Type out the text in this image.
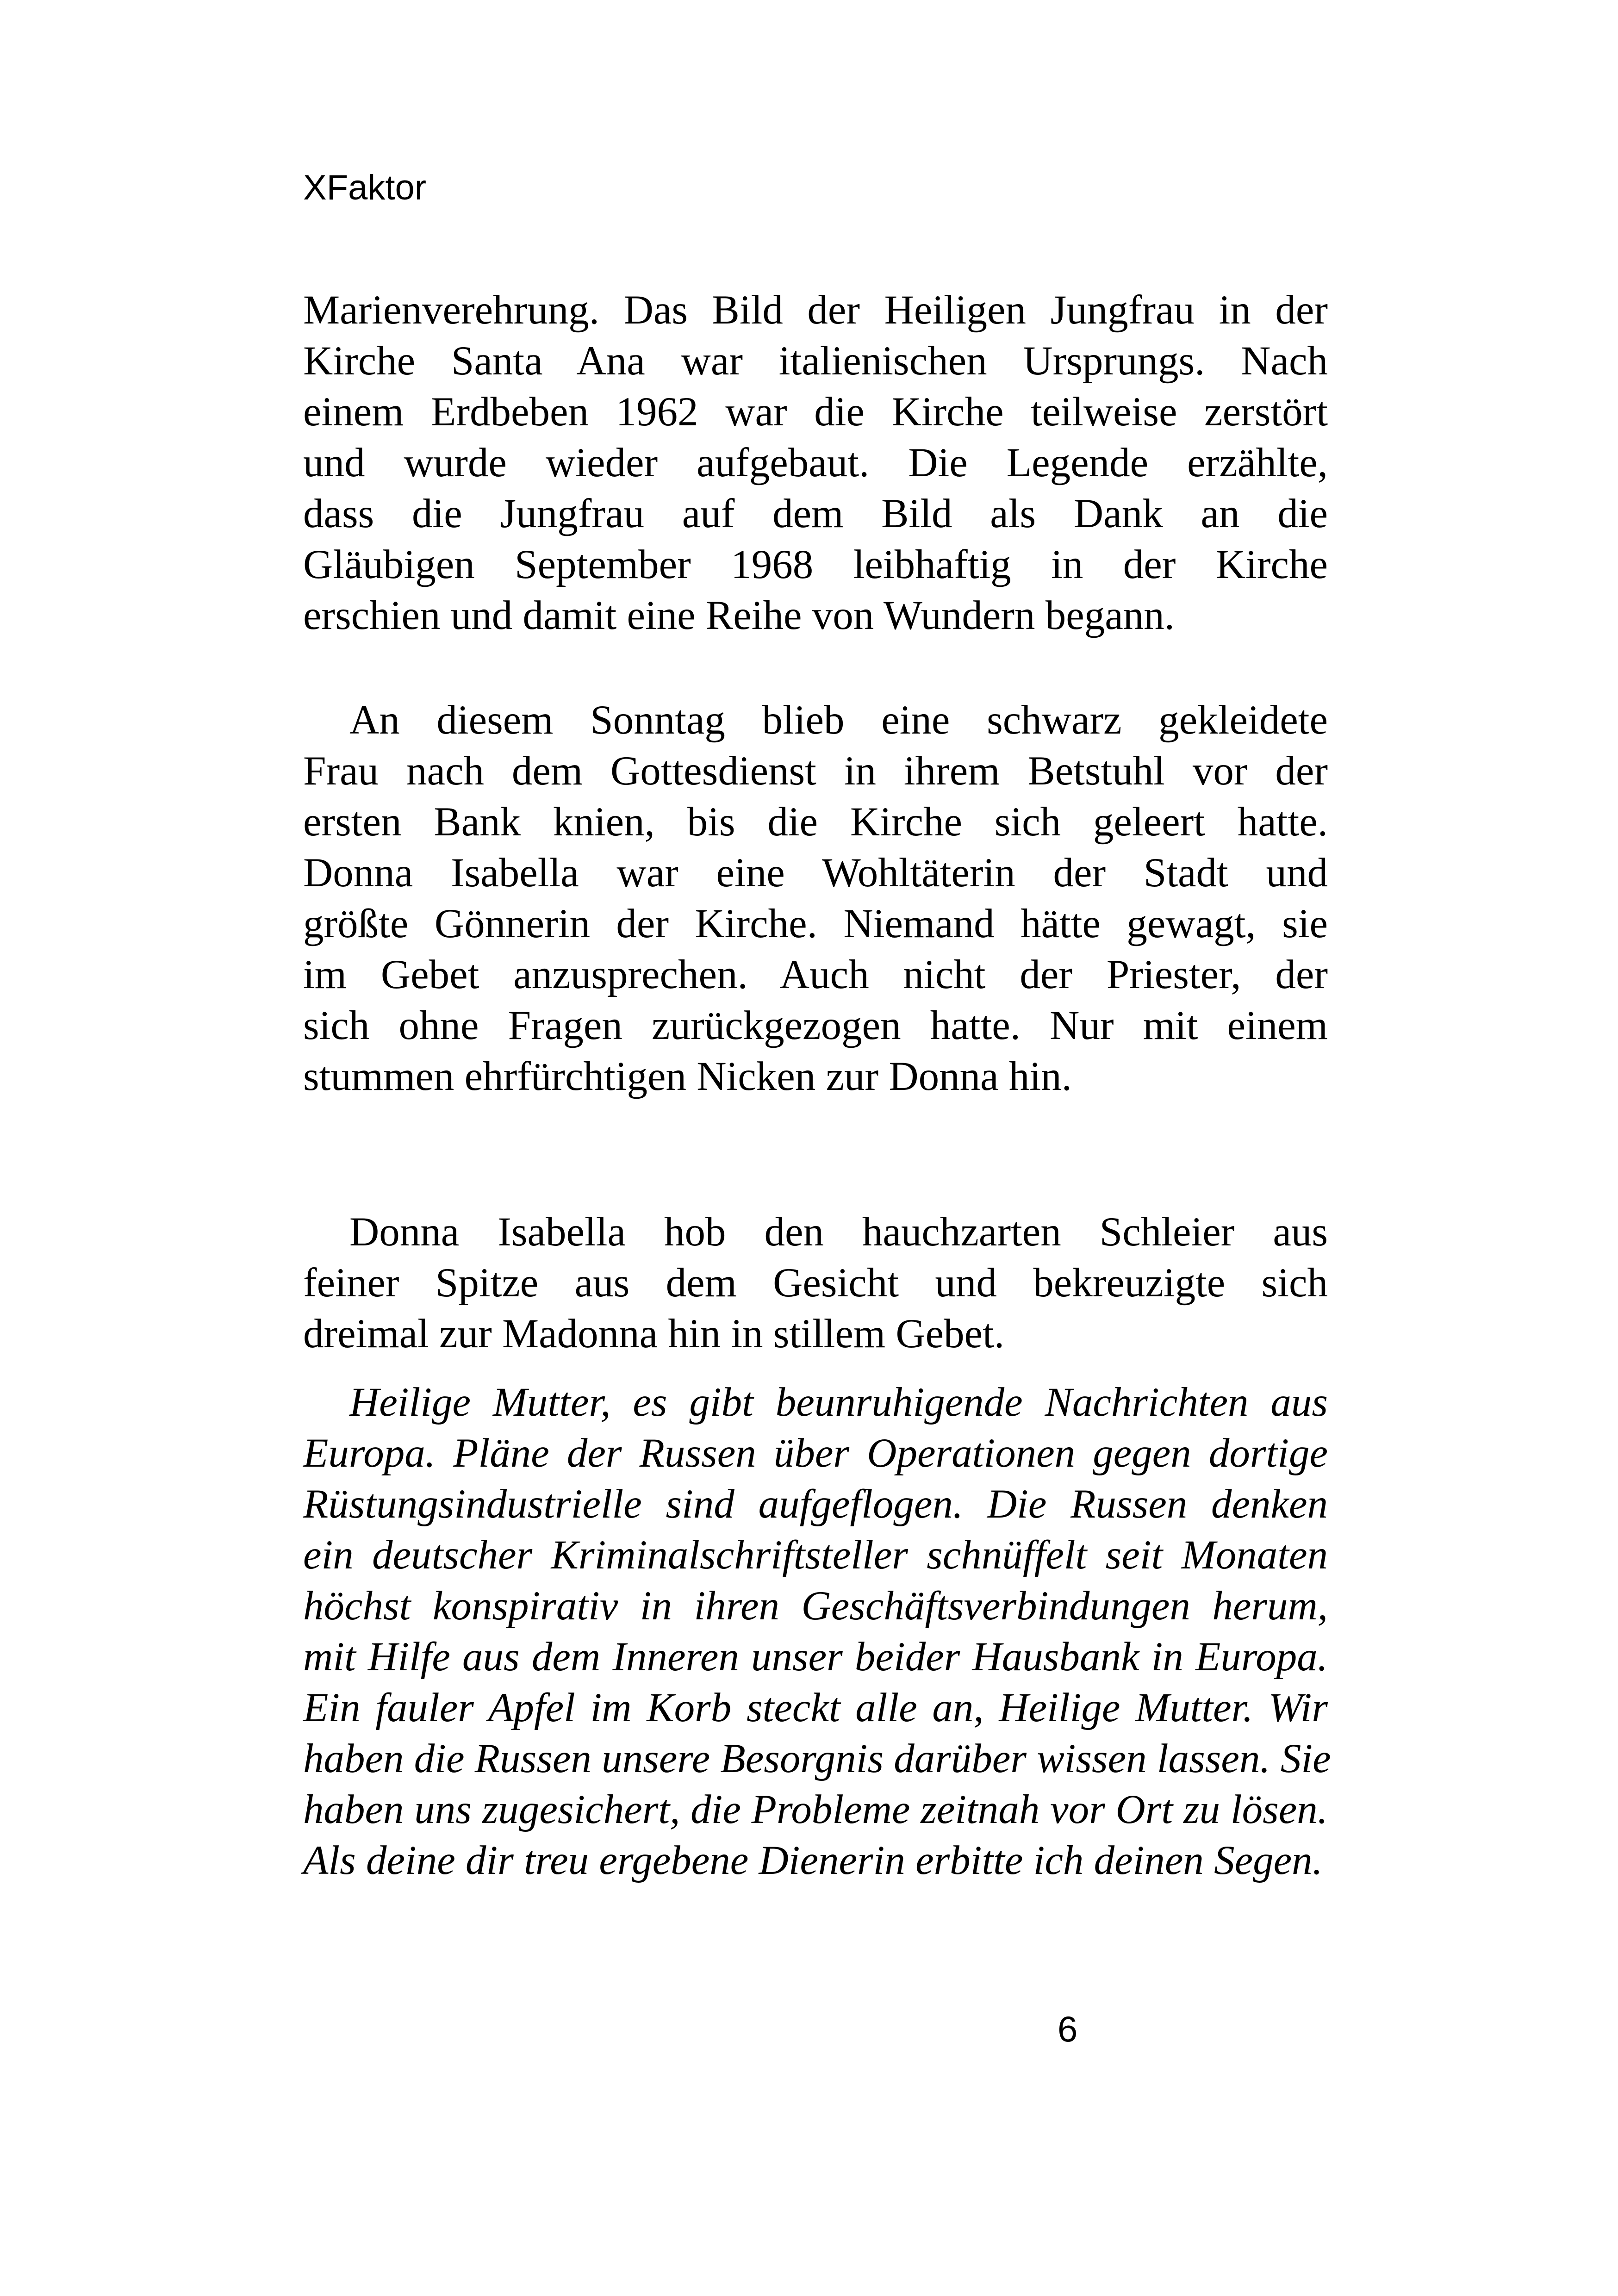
XFaktor
Marienverehrung. Das Bild der Heiligen Jungfrau in der
Kirche Santa Ana war italienischen Ursprungs. Nach
einem Erdbeben 1962 war die Kirche teilweise zerstört
und wurde wieder aufgebaut. Die Legende erzählte,
dass die Jungfrau auf dem Bild als Dank an die
Gläubigen September 1968 leibhaftig in der Kirche
erschien und damit eine Reihe von Wundern begann.
An diesem Sonntag blieb eine schwarz gekleidete
Frau nach dem Gottesdienst in ihrem Betstuhl vor der
ersten Bank knien, bis die Kirche sich geleert hatte.
Donna Isabella war eine Wohltäterin der Stadt und
größte Gönnerin der Kirche. Niemand hätte gewagt, sie
im Gebet anzusprechen. Auch nicht der Priester, der
sich ohne Fragen zurückgezogen hatte. Nur mit einem
stummen ehrfürchtigen Nicken zur Donna hin.
Donna Isabella hob den hauchzarten Schleier aus
feiner Spitze aus dem Gesicht und bekreuzigte sich
dreimal zur Madonna hin in stillem Gebet.
Heilige Mutter, es gibt beunruhigende Nachrichten aus
Europa. Pläne der Russen über Operationen gegen dortige
Rüstungsindustrielle sind aufgeflogen. Die Russen denken
ein deutscher Kriminalschriftsteller schnüffelt seit Monaten
höchst konspirativ in ihren Geschäftsverbindungen herum,
mit Hilfe aus dem Inneren unser beider Hausbank in Europa.
Ein fauler Apfel im Korb steckt alle an, Heilige Mutter. Wir
haben die Russen unsere Besorgnis darüber wissen lassen. Sie
haben uns zugesichert, die Probleme zeitnah vor Ort zu lösen.
Als deine dir treu ergebene Dienerin erbitte ich deinen Segen.
6
